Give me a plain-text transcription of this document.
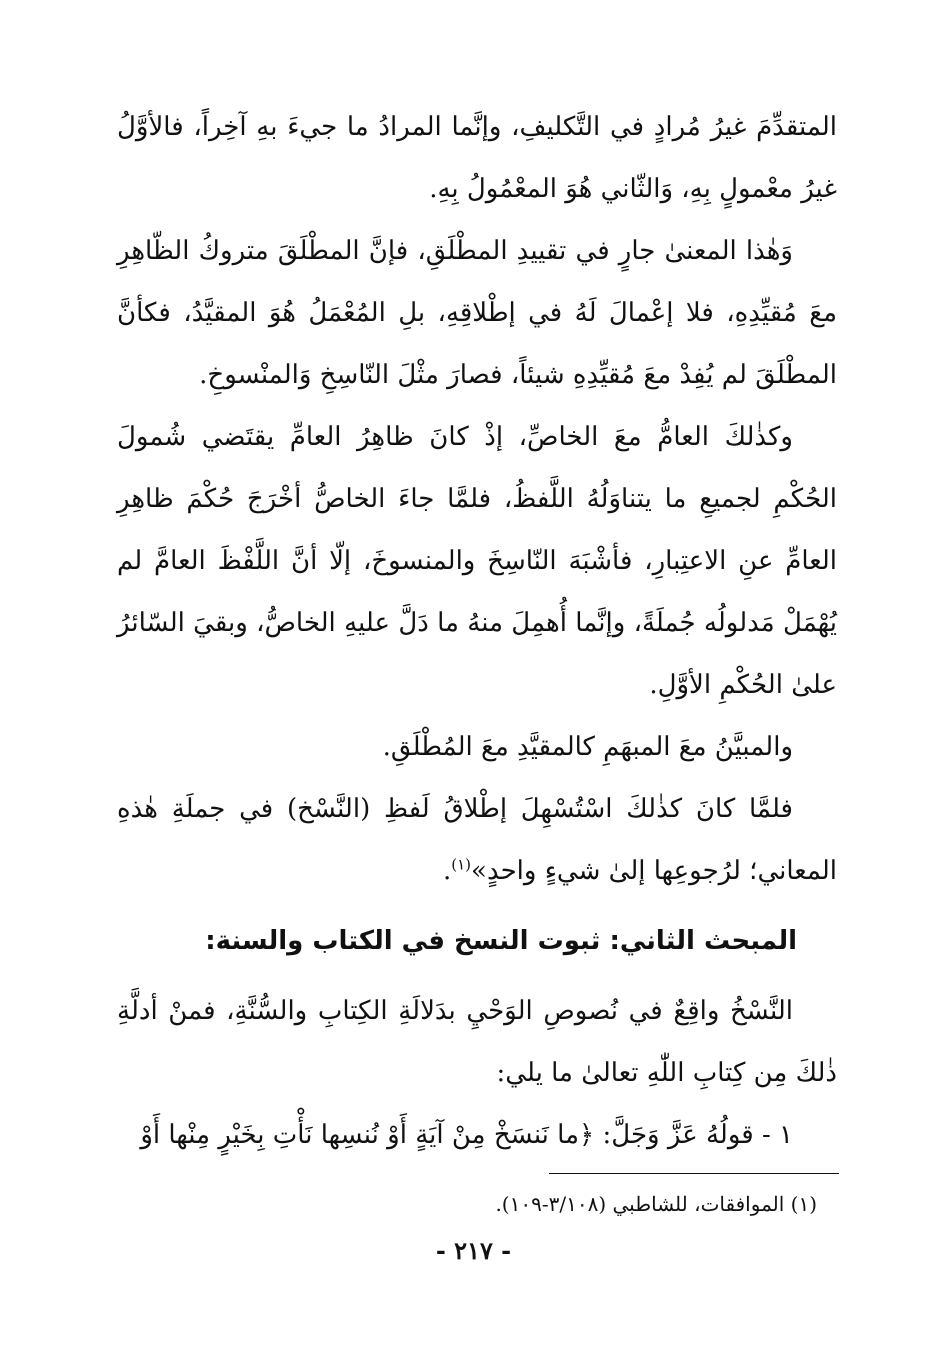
المتقدِّمَ غيرُ مُرادٍ في التَّكليفِ، وإنَّما المرادُ ما جيءَ بهِ آخِراً، فالأوَّلُ غيرُ معْمولٍ بِهِ، وَالثّاني هُوَ المعْمُولُ بِهِ.

وَهٰذا المعنىٰ جارٍ في تقييدِ المطْلَقِ، فإنَّ المطْلَقَ متروكُ الظّاهِرِ معَ مُقيِّدِهِ، فلا إعْمالَ لَهُ في إطْلاقِهِ، بلِ المُعْمَلُ هُوَ المقيَّدُ، فكأنَّ المطْلَقَ لم يُفِدْ معَ مُقيِّدِهِ شيئاً، فصارَ مثْلَ النّاسِخِ وَالمنْسوخِ.

وكذٰلكَ العامُّ معَ الخاصِّ، إذْ كانَ ظاهِرُ العامِّ يقتَضي شُمولَ الحُكْمِ لجميعِ ما يتناوَلُهُ اللَّفظُ، فلمَّا جاءَ الخاصُّ أخْرَجَ حُكْمَ ظاهِرِ العامِّ عنِ الاعتِبارِ، فأشْبَهَ النّاسِخَ والمنسوخَ، إلّا أنَّ اللَّفْظَ العامَّ لم يُهْمَلْ مَدلولُه جُملَةً، وإنَّما أُهمِلَ منهُ ما دَلَّ عليهِ الخاصُّ، وبقيَ السّائرُ علىٰ الحُكْمِ الأوَّلِ.

والمبيَّنُ معَ المبهَمِ كالمقيَّدِ معَ المُطْلَقِ.

فلمَّا كانَ كذٰلكَ اسْتُسْهِلَ إطْلاقُ لَفظِ (النَّسْخ) في جملَةِ هٰذهِ المعاني؛ لرُجوعِها إلىٰ شيءٍ واحدٍ»$^{(١)}$.

المبحث الثاني: ثبوت النسخ في الكتاب والسنة:

النَّسْخُ واقِعٌ في نُصوصِ الوَحْيِ بدَلالَةِ الكِتابِ والسُّنَّةِ، فمنْ أدلَّةِ ذٰلكَ مِن كِتابِ اللّٰهِ تعالىٰ ما يلي:

١ - قولُهُ عَزَّ وَجَلَّ: ﴿ما نَنسَخْ مِنْ آيَةٍ أَوْ نُنسِها نَأْتِ بِخَيْرٍ مِنْها أَوْ

(١) الموافقات، للشاطبي (٣/١٠٨-١٠٩).
- ٢١٧ -
